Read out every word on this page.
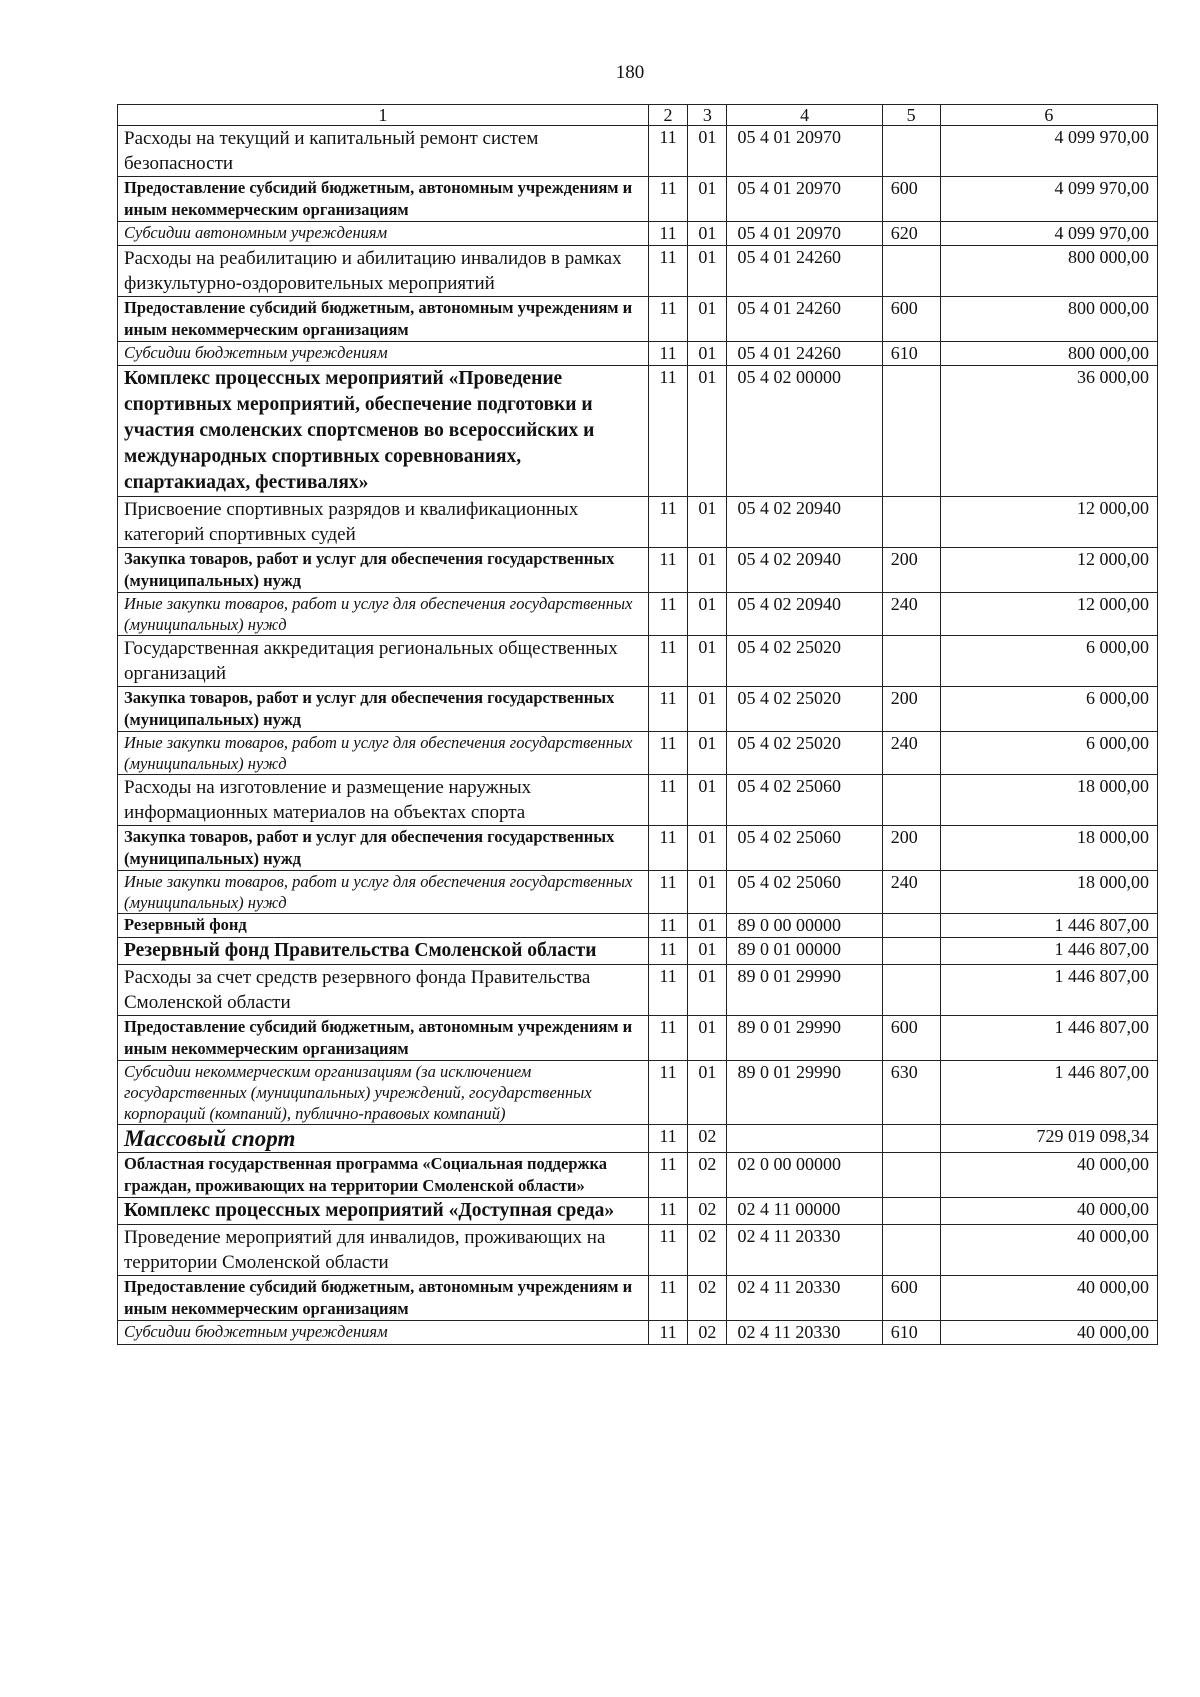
180
1	2	3	4	5	6
Расходы на текущий и капитальный ремонт систем безопасности	11	01	05 4 01 20970		4 099 970,00
Предоставление субсидий бюджетным, автономным учреждениям и иным некоммерческим организациям	11	01	05 4 01 20970	600	4 099 970,00
Субсидии автономным учреждениям	11	01	05 4 01 20970	620	4 099 970,00
Расходы на реабилитацию и абилитацию инвалидов в рамках физкультурно-оздоровительных мероприятий	11	01	05 4 01 24260		800 000,00
Предоставление субсидий бюджетным, автономным учреждениям и иным некоммерческим организациям	11	01	05 4 01 24260	600	800 000,00
Субсидии бюджетным учреждениям	11	01	05 4 01 24260	610	800 000,00
Комплекс процессных мероприятий «Проведение спортивных мероприятий, обеспечение подготовки и участия смоленских спортсменов во всероссийских и международных спортивных соревнованиях, спартакиадах, фестивалях»	11	01	05 4 02 00000		36 000,00
Присвоение спортивных разрядов и квалификационных категорий спортивных судей	11	01	05 4 02 20940		12 000,00
Закупка товаров, работ и услуг для обеспечения государственных (муниципальных) нужд	11	01	05 4 02 20940	200	12 000,00
Иные закупки товаров, работ и услуг для обеспечения государственных (муниципальных) нужд	11	01	05 4 02 20940	240	12 000,00
Государственная аккредитация региональных общественных организаций	11	01	05 4 02 25020		6 000,00
Закупка товаров, работ и услуг для обеспечения государственных (муниципальных) нужд	11	01	05 4 02 25020	200	6 000,00
Иные закупки товаров, работ и услуг для обеспечения государственных (муниципальных) нужд	11	01	05 4 02 25020	240	6 000,00
Расходы на изготовление и размещение наружных информационных материалов на объектах спорта	11	01	05 4 02 25060		18 000,00
Закупка товаров, работ и услуг для обеспечения государственных (муниципальных) нужд	11	01	05 4 02 25060	200	18 000,00
Иные закупки товаров, работ и услуг для обеспечения государственных (муниципальных) нужд	11	01	05 4 02 25060	240	18 000,00
Резервный фонд	11	01	89 0 00 00000		1 446 807,00
Резервный фонд Правительства Смоленской области	11	01	89 0 01 00000		1 446 807,00
Расходы за счет средств резервного фонда Правительства Смоленской области	11	01	89 0 01 29990		1 446 807,00
Предоставление субсидий бюджетным, автономным учреждениям и иным некоммерческим организациям	11	01	89 0 01 29990	600	1 446 807,00
Субсидии некоммерческим организациям (за исключением государственных (муниципальных) учреждений, государственных корпораций (компаний), публично-правовых компаний)	11	01	89 0 01 29990	630	1 446 807,00
Массовый спорт	11	02			729 019 098,34
Областная государственная программа «Социальная поддержка граждан, проживающих на территории Смоленской области»	11	02	02 0 00 00000		40 000,00
Комплекс процессных мероприятий «Доступная среда»	11	02	02 4 11 00000		40 000,00
Проведение мероприятий для инвалидов, проживающих на территории Смоленской области	11	02	02 4 11 20330		40 000,00
Предоставление субсидий бюджетным, автономным учреждениям и иным некоммерческим организациям	11	02	02 4 11 20330	600	40 000,00
Субсидии бюджетным учреждениям	11	02	02 4 11 20330	610	40 000,00
